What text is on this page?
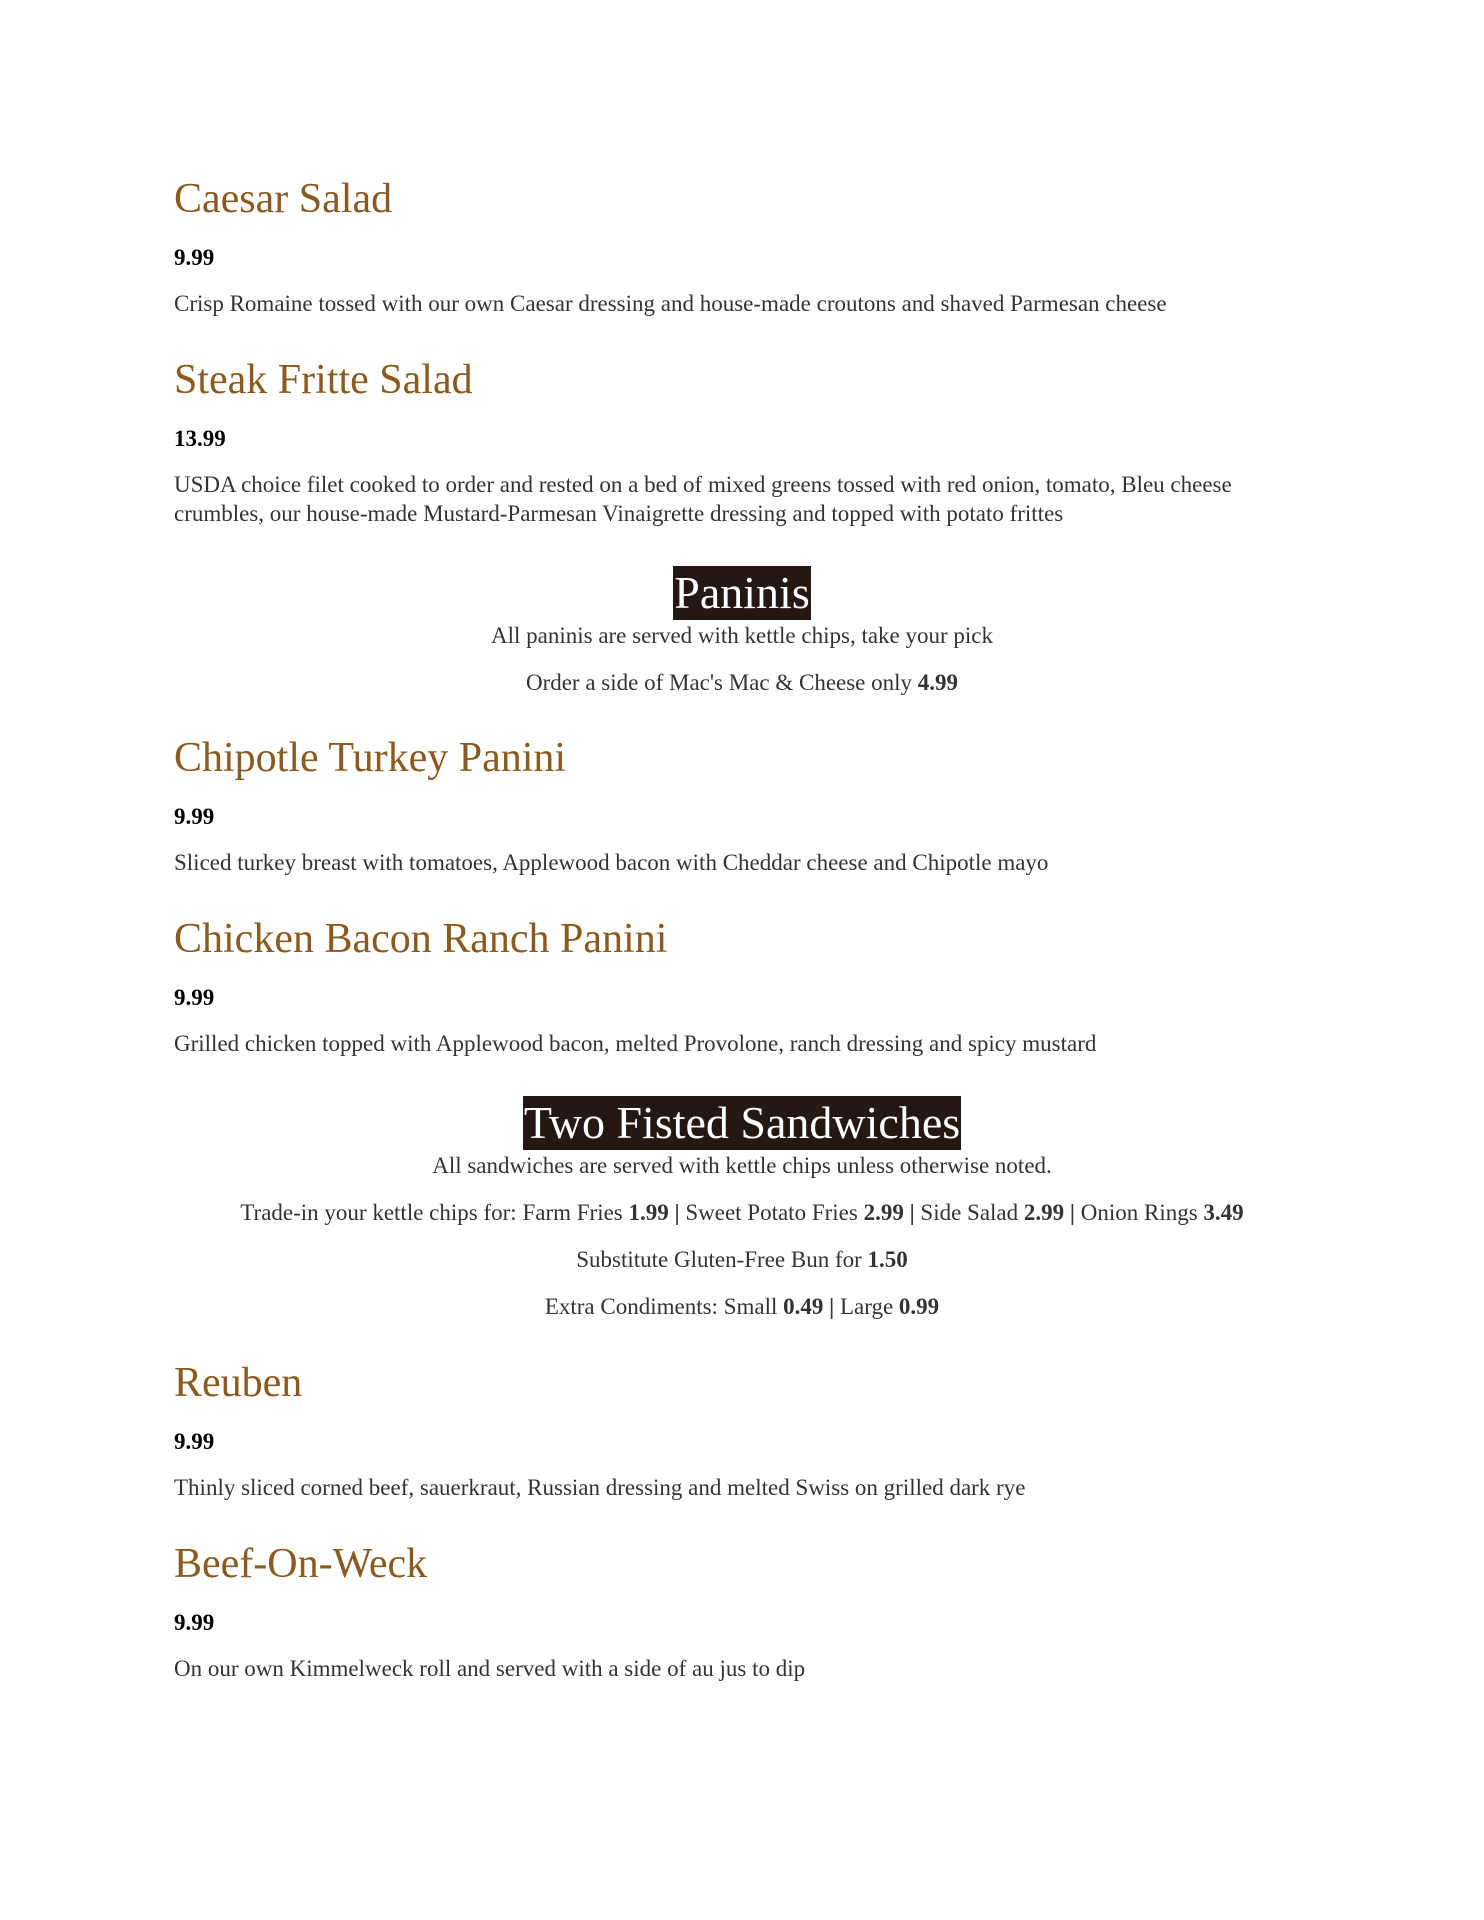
Caesar Salad

9.99

Crisp Romaine tossed with our own Caesar dressing and house-made croutons and shaved Parmesan cheese

Steak Fritte Salad

13.99

USDA choice filet cooked to order and rested on a bed of mixed greens tossed with red onion, tomato, Bleu cheese crumbles, our house-made Mustard-Parmesan Vinaigrette dressing and topped with potato frittes

Paninis

All paninis are served with kettle chips, take your pick

Order a side of Mac's Mac & Cheese only 4.99

Chipotle Turkey Panini

9.99

Sliced turkey breast with tomatoes, Applewood bacon with Cheddar cheese and Chipotle mayo

Chicken Bacon Ranch Panini

9.99

Grilled chicken topped with Applewood bacon, melted Provolone, ranch dressing and spicy mustard

Two Fisted Sandwiches

All sandwiches are served with kettle chips unless otherwise noted.

Trade-in your kettle chips for: Farm Fries 1.99 | Sweet Potato Fries 2.99 | Side Salad 2.99 | Onion Rings 3.49

Substitute Gluten-Free Bun for 1.50

Extra Condiments: Small 0.49 | Large 0.99

Reuben

9.99

Thinly sliced corned beef, sauerkraut, Russian dressing and melted Swiss on grilled dark rye

Beef-On-Weck

9.99

On our own Kimmelweck roll and served with a side of au jus to dip
